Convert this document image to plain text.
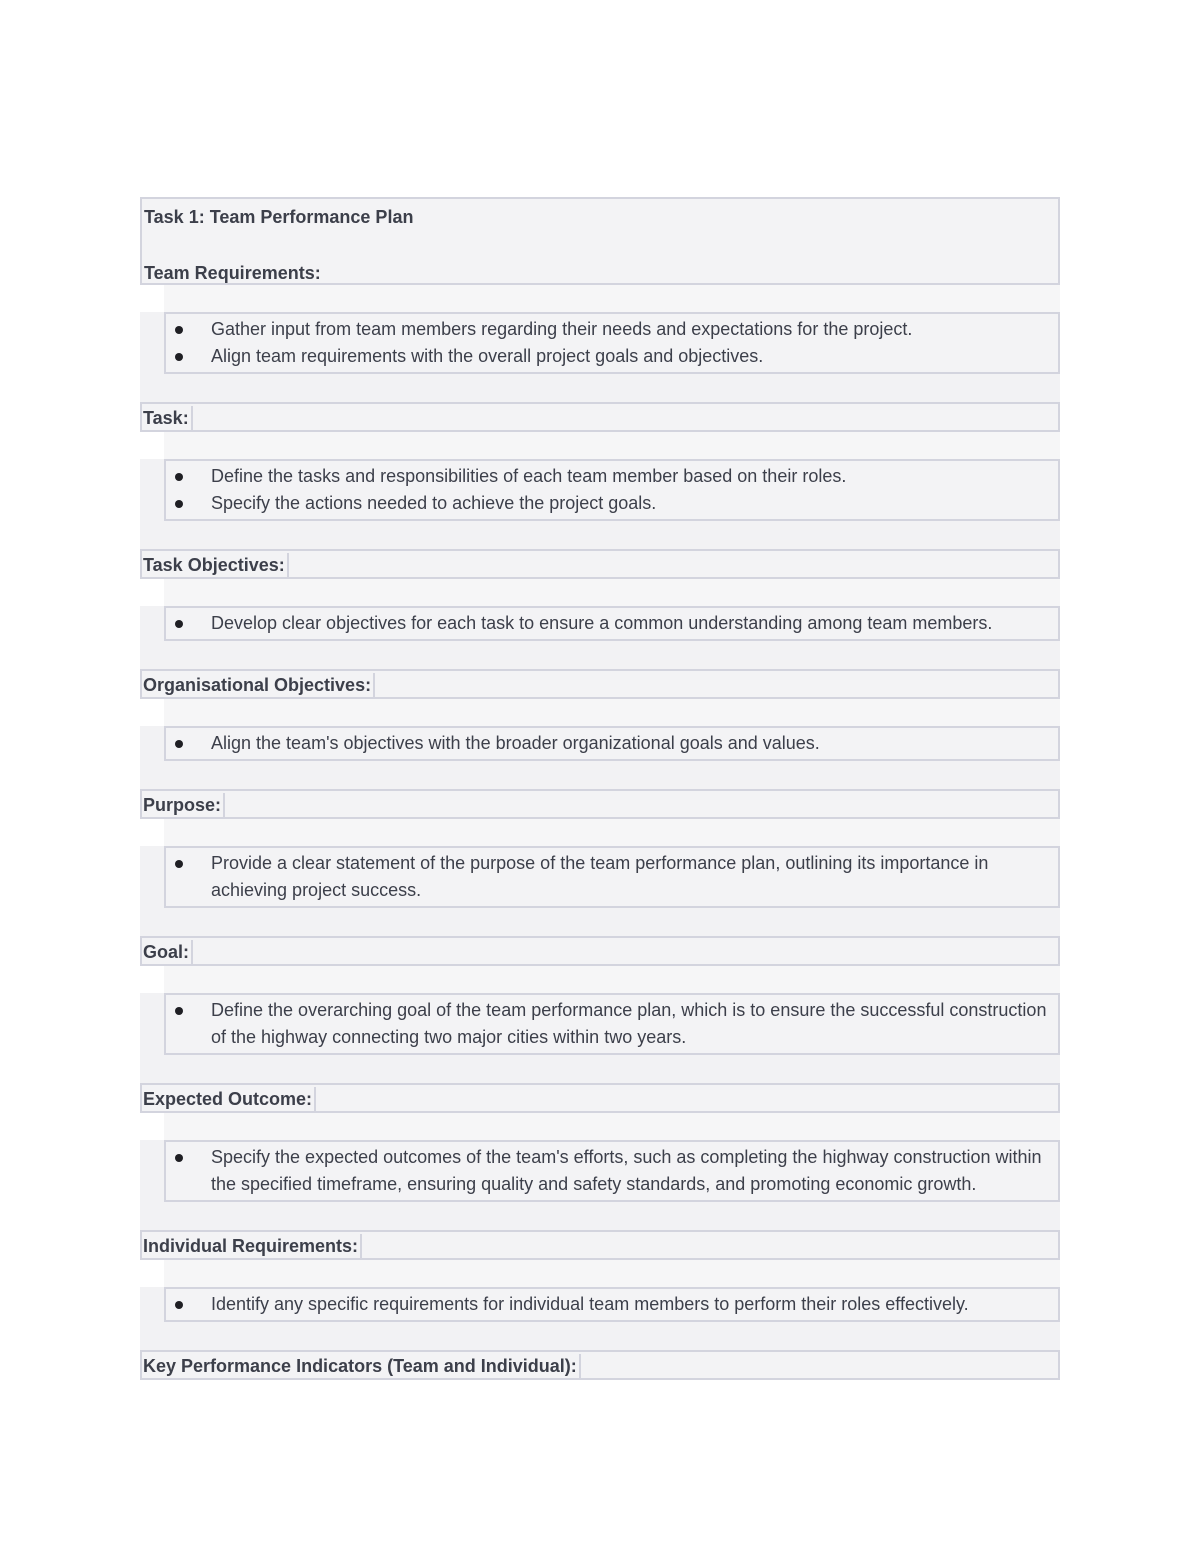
Task 1: Team Performance Plan
Team Requirements:
Gather input from team members regarding their needs and expectations for the project.
Align team requirements with the overall project goals and objectives.
Task:
Define the tasks and responsibilities of each team member based on their roles.
Specify the actions needed to achieve the project goals.
Task Objectives:
Develop clear objectives for each task to ensure a common understanding among team members.
Organisational Objectives:
Align the team's objectives with the broader organizational goals and values.
Purpose:
Provide a clear statement of the purpose of the team performance plan, outlining its importance in achieving project success.
Goal:
Define the overarching goal of the team performance plan, which is to ensure the successful construction of the highway connecting two major cities within two years.
Expected Outcome:
Specify the expected outcomes of the team's efforts, such as completing the highway construction within the specified timeframe, ensuring quality and safety standards, and promoting economic growth.
Individual Requirements:
Identify any specific requirements for individual team members to perform their roles effectively.
Key Performance Indicators (Team and Individual):
